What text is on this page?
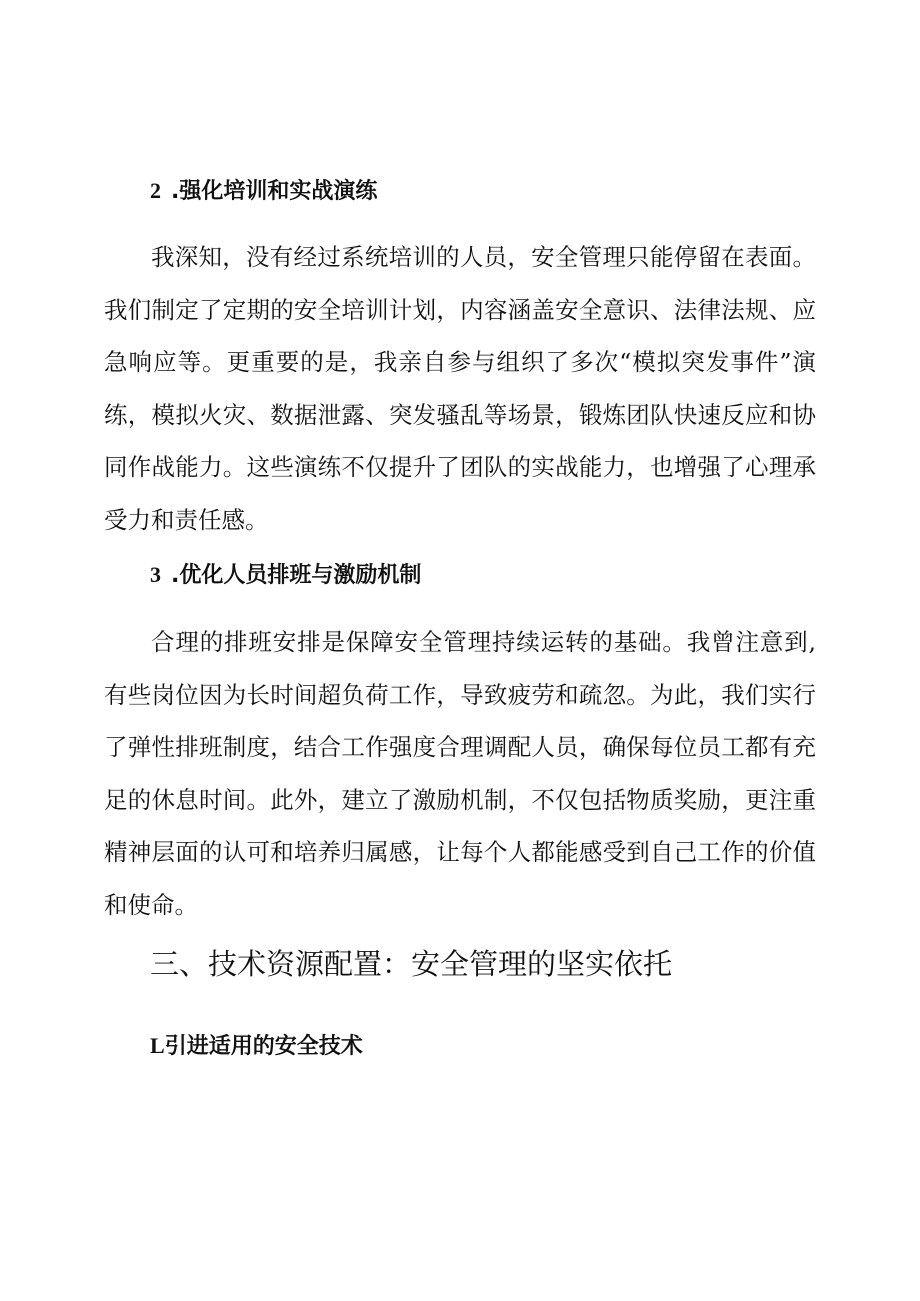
2 .强化培训和实战演练

我深知，没有经过系统培训的人员，安全管理只能停留在表面。我们制定了定期的安全培训计划，内容涵盖安全意识、法律法规、应急响应等。更重要的是，我亲自参与组织了多次“模拟突发事件”演练，模拟火灾、数据泄露、突发骚乱等场景，锻炼团队快速反应和协同作战能力。这些演练不仅提升了团队的实战能力，也增强了心理承受力和责任感。

3 .优化人员排班与激励机制

合理的排班安排是保障安全管理持续运转的基础。我曾注意到,有些岗位因为长时间超负荷工作，导致疲劳和疏忽。为此，我们实行了弹性排班制度，结合工作强度合理调配人员，确保每位员工都有充足的休息时间。此外，建立了激励机制，不仅包括物质奖励，更注重精神层面的认可和培养归属感，让每个人都能感受到自己工作的价值和使命。

三、技术资源配置：安全管理的坚实依托
L引进适用的安全技术
